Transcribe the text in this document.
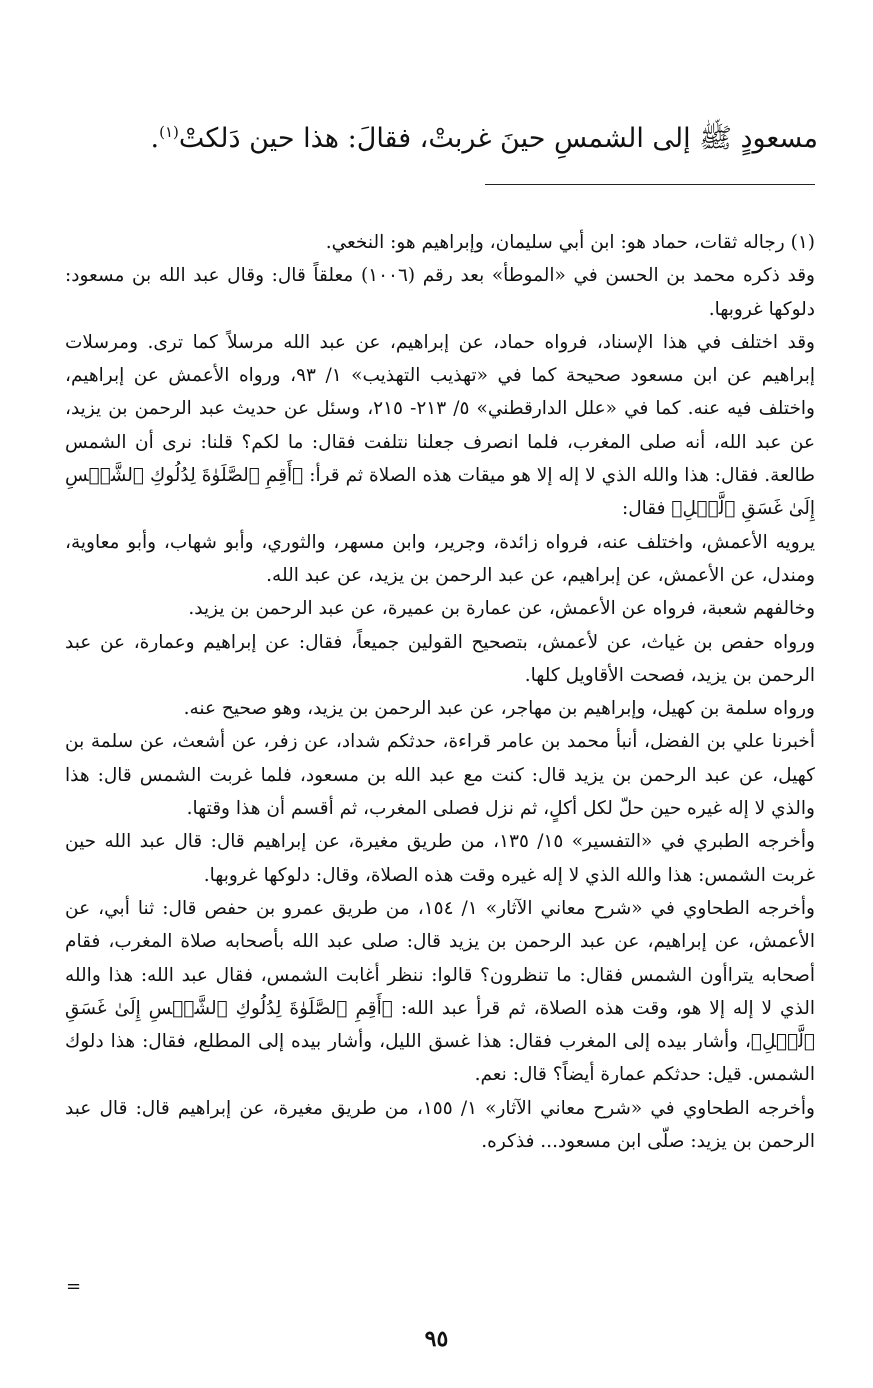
مسعودٍ ﷺ إلى الشمسِ حينَ غربتْ، فقالَ: هذا حين دَلكتْ$^{(١)}$.

(١) رجاله ثقات، حماد هو: ابن أبي سليمان، وإبراهيم هو: النخعي.

وقد ذكره محمد بن الحسن في «الموطأ» بعد رقم (١٠٠٦) معلقاً قال: وقال عبد الله بن مسعود: دلوكها غروبها.

وقد اختلف في هذا الإسناد، فرواه حماد، عن إبراهيم، عن عبد الله مرسلاً كما ترى. ومرسلات إبراهيم عن ابن مسعود صحيحة كما في «تهذيب التهذيب» ١/ ٩٣، ورواه الأعمش عن إبراهيم، واختلف فيه عنه. كما في «علل الدارقطني» ٥/ ٢١٣- ٢١٥، وسئل عن حديث عبد الرحمن بن يزيد، عن عبد الله، أنه صلى المغرب، فلما انصرف جعلنا نتلفت فقال: ما لكم؟ قلنا: نرى أن الشمس طالعة. فقال: هذا والله الذي لا إله إلا هو ميقات هذه الصلاة ثم قرأ: ﴿أَقِمِ ٱلصَّلَوٰةَ لِدُلُوكِ ٱلشَّمۡسِ إِلَىٰ غَسَقِ ٱلَّيۡلِ﴾ فقال:

يرويه الأعمش، واختلف عنه، فرواه زائدة، وجرير، وابن مسهر، والثوري، وأبو شهاب، وأبو معاوية، ومندل، عن الأعمش، عن إبراهيم، عن عبد الرحمن بن يزيد، عن عبد الله.

وخالفهم شعبة، فرواه عن الأعمش، عن عمارة بن عميرة، عن عبد الرحمن بن يزيد.

ورواه حفص بن غياث، عن لأعمش، بتصحيح القولين جميعاً، فقال: عن إبراهيم وعمارة، عن عبد الرحمن بن يزيد، فصحت الأقاويل كلها.

ورواه سلمة بن كهيل، وإبراهيم بن مهاجر، عن عبد الرحمن بن يزيد، وهو صحيح عنه.

أخبرنا علي بن الفضل، أنبأ محمد بن عامر قراءة، حدثكم شداد، عن زفر، عن أشعث، عن سلمة بن كهيل، عن عبد الرحمن بن يزيد قال: كنت مع عبد الله بن مسعود، فلما غربت الشمس قال: هذا والذي لا إله غيره حين حلّ لكل أكلٍ، ثم نزل فصلى المغرب، ثم أقسم أن هذا وقتها.

وأخرجه الطبري في «التفسير» ١٥/ ١٣٥، من طريق مغيرة، عن إبراهيم قال: قال عبد الله حين غربت الشمس: هذا والله الذي لا إله غيره وقت هذه الصلاة، وقال: دلوكها غروبها.

وأخرجه الطحاوي في «شرح معاني الآثار» ١/ ١٥٤، من طريق عمرو بن حفص قال: ثنا أبي، عن الأعمش، عن إبراهيم، عن عبد الرحمن بن يزيد قال: صلى عبد الله بأصحابه صلاة المغرب، فقام أصحابه يتراأون الشمس فقال: ما تنظرون؟ قالوا: ننظر أغابت الشمس، فقال عبد الله: هذا والله الذي لا إله إلا هو، وقت هذه الصلاة، ثم قرأ عبد الله: ﴿أَقِمِ ٱلصَّلَوٰةَ لِدُلُوكِ ٱلشَّمۡسِ إِلَىٰ غَسَقِ ٱلَّيۡلِ﴾، وأشار بيده إلى المغرب فقال: هذا غسق الليل، وأشار بيده إلى المطلع، فقال: هذا دلوك الشمس. قيل: حدثكم عمارة أيضاً؟ قال: نعم.

وأخرجه الطحاوي في «شرح معاني الآثار» ١/ ١٥٥، من طريق مغيرة، عن إبراهيم قال: قال عبد الرحمن بن يزيد: صلّى ابن مسعود... فذكره.

=
٩٥
